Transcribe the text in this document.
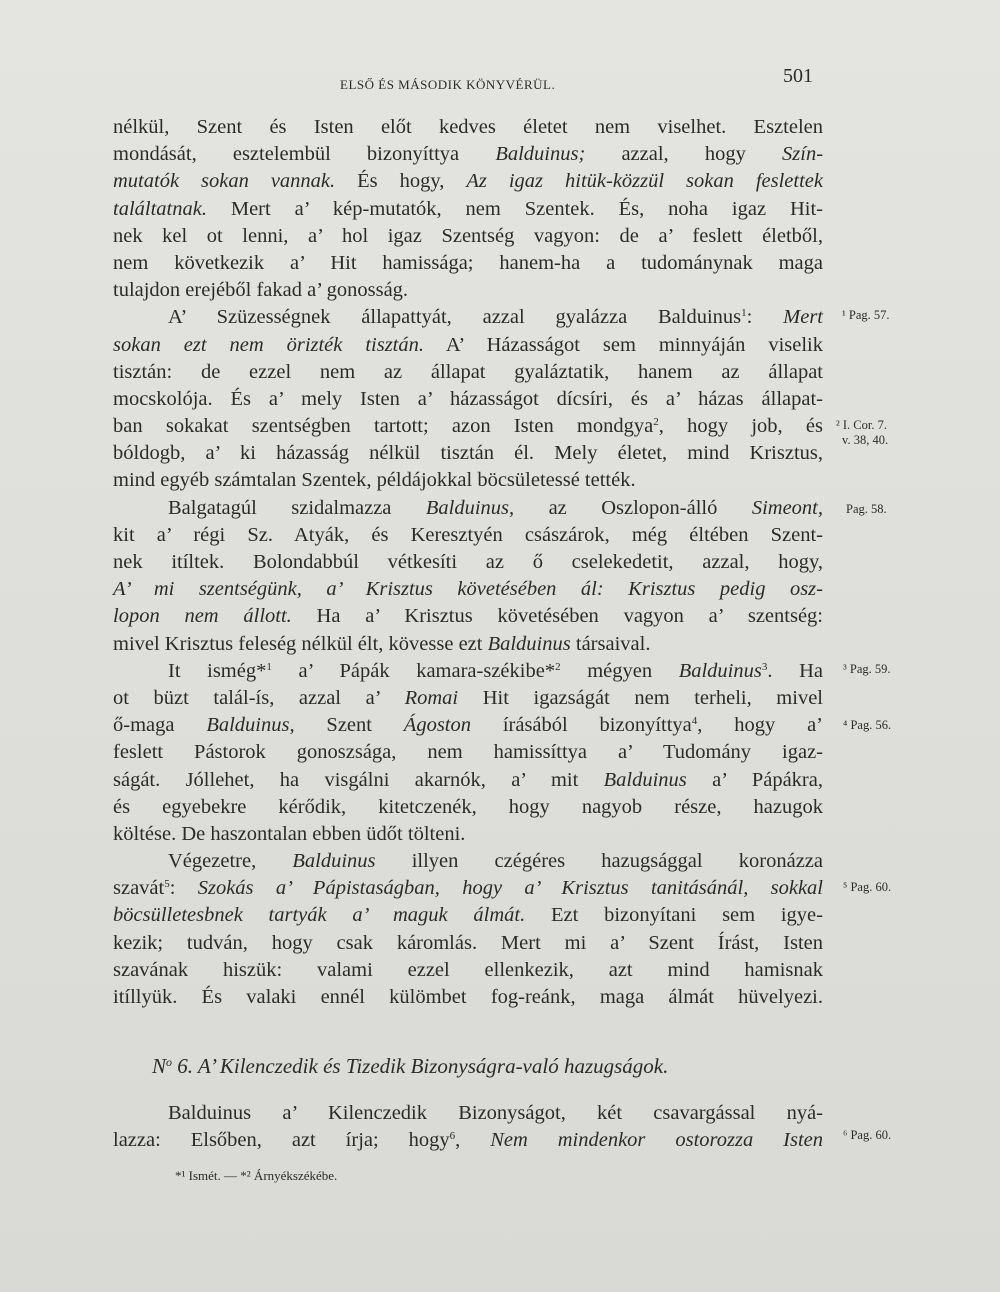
ELSŐ ÉS MÁSODIK KÖNYVÉRÜL.	501
nélkül, Szent és Isten előt kedves életet nem viselhet. Esztelen
mondását, esztelembül bizonyíttya Balduinus; azzal, hogy Szín-
mutatók sokan vannak. És hogy, Az igaz hitük-közzül sokan feslettek
találtatnak. Mert a’ kép-mutatók, nem Szentek. És, noha igaz Hit-
nek kel ot lenni, a’ hol igaz Szentség vagyon: de a’ feslett életből,
nem következik a’ Hit hamissága; hanem-ha a tudománynak maga
tulajdon erejéből fakad a’ gonosság.
A’ Szüzességnek állapattyát, azzal gyalázza Balduinus$^1$: Mert
sokan ezt nem örizték tisztán. A’ Házasságot sem minnyáján viselik
tisztán: de ezzel nem az állapat gyaláztatik, hanem az állapat
mocskolója. És a’ mely Isten a’ házasságot dícsíri, és a’ házas állapat-
ban sokakat szentségben tartott; azon Isten mondgya$^2$, hogy job, és
bóldogb, a’ ki házasság nélkül tisztán él. Mely életet, mind Krisztus,
mind egyéb számtalan Szentek, példájokkal böcsületessé tették.
Balgatagúl szidalmazza Balduinus, az Oszlopon-álló Simeont,
kit a’ régi Sz. Atyák, és Keresztyén császárok, még éltében Szent-
nek itíltek. Bolondabbúl vétkesíti az ő cselekedetit, azzal, hogy,
A’ mi szentségünk, a’ Krisztus követésében ál: Krisztus pedig osz-
lopon nem állott. Ha a’ Krisztus követésében vagyon a’ szentség:
mivel Krisztus feleség nélkül élt, kövesse ezt Balduinus társaival.
It ismég*$^1$ a’ Pápák kamara-székibe*$^2$ mégyen Balduinus$^3$. Ha
ot büzt talál-ís, azzal a’ Romai Hit igazságát nem terheli, mivel
ő-maga Balduinus, Szent Ágoston írásából bizonyíttya$^4$, hogy a’
feslett Pástorok gonoszsága, nem hamissíttya a’ Tudomány igaz-
ságát. Jóllehet, ha visgálni akarnók, a’ mit Balduinus a’ Pápákra,
és egyebekre kérődik, kitetczenék, hogy nagyob része, hazugok
költése. De haszontalan ebben üdőt tölteni.
Végezetre, Balduinus illyen czégéres hazugsággal koronázza
szavát$^5$: Szokás a’ Pápistaságban, hogy a’ Krisztus tanitásánál, sokkal
böcsülletesbnek tartyák a’ maguk álmát. Ezt bizonyítani sem igye-
kezik; tudván, hogy csak káromlás. Mert mi a’ Szent Írást, Isten
szavának hiszük: valami ezzel ellenkezik, azt mind hamisnak
itíllyük. És valaki ennél külömbet fog-reánk, maga álmát hüvelyezi.
$N^o$ 6. A’ Kilenczedik és Tizedik Bizonyságra-való hazugságok.
Balduinus a’ Kilenczedik Bizonyságot, két csavargással nyá-
lazza: Elsőben, azt írja; hogy$^6$, Nem mindenkor ostorozza Isten
*¹ Ismét. — *² Árnyékszékébe.
¹ Pag. 57.
² I. Cor. 7.
v. 38, 40.
Pag. 58.
³ Pag. 59.
⁴ Pag. 56.
⁵ Pag. 60.
⁶ Pag. 60.
